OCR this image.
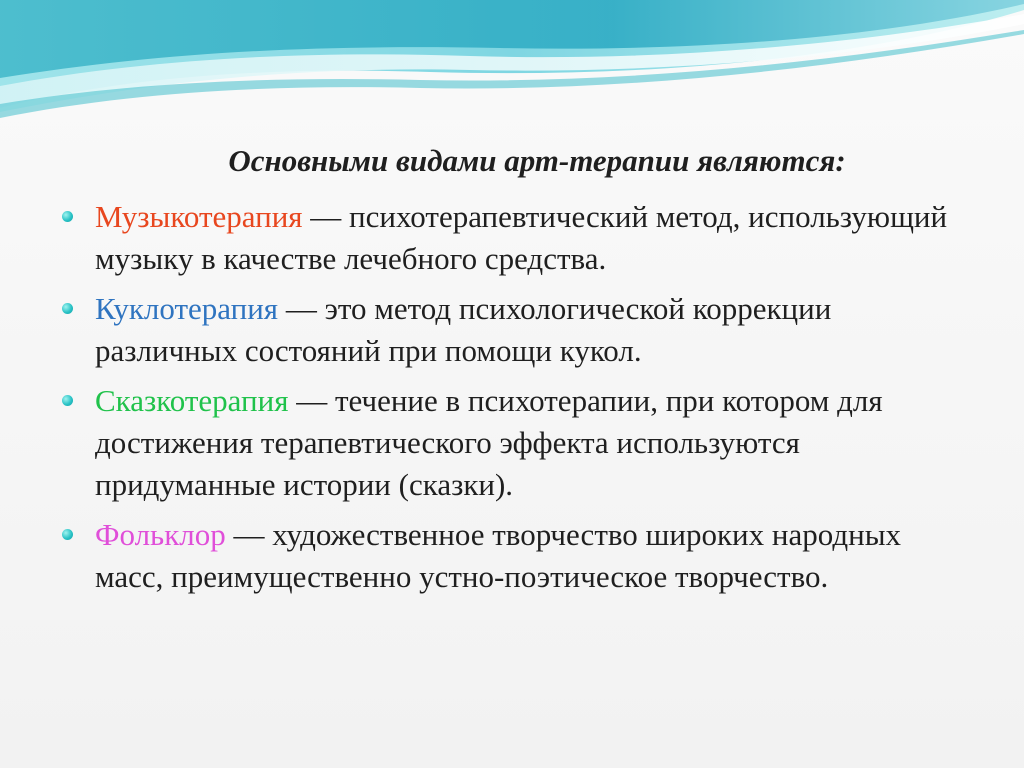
Основными видами арт-терапии являются:
Музыкотерапия — психотерапевтический метод, использующий музыку в качестве лечебного средства.
Куклотерапия — это метод психологической коррекции различных состояний при помощи кукол.
Сказкотерапия — течение в психотерапии, при котором для достижения терапевтического эффекта используются придуманные истории (сказки).
Фольклор — художественное творчество широких народных масс, преимущественно устно-поэтическое творчество.
